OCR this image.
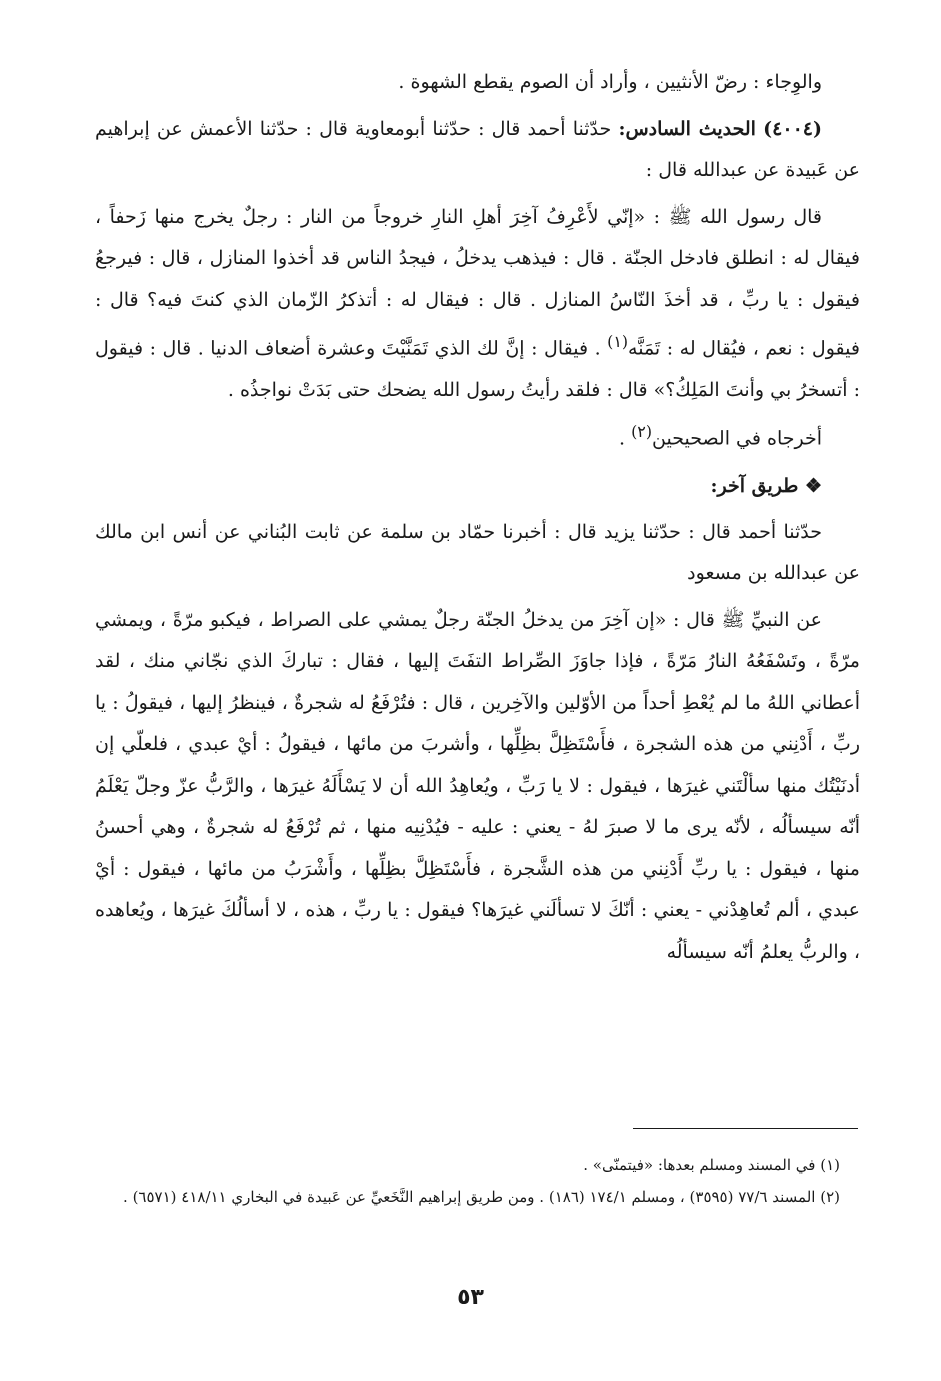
والوِجاء : رضّ الأنثيين ، وأراد أن الصوم يقطع الشهوة .

(٤٠٠٤) الحديث السادس: حدّثنا أحمد قال : حدّثنا أبومعاوية قال : حدّثنا الأعمش عن إبراهيم عن عَبيدة عن عبدالله قال :

قال رسول الله ﷺ : «إنّي لأَعْرِفُ آخِرَ أهلِ النارِ خروجاً من النار : رجلٌ يخرج منها زَحفاً ، فيقال له : انطلق فادخل الجنّة . قال : فيذهب يدخلُ ، فيجدُ الناس قد أخذوا المنازل ، قال : فيرجعُ فيقول : يا ربِّ ، قد أخذَ النّاسُ المنازل . قال : فيقال له : أتذكرُ الزّمان الذي كنتَ فيه؟ قال : فيقول : نعم ، فيُقال له : تَمَنَّه$^{(١)}$ . فيقال : إنَّ لك الذي تَمَنَّيْتَ وعشرة أضعاف الدنيا . قال : فيقول : أتسخرُ بي وأنتَ المَلِكُ؟» قال : فلقد رأيتُ رسول الله يضحك حتى بَدَتْ نواجذُه .

أخرجاه في الصحيحين$^{(٢)}$ .

❖ طريق آخر:

حدّثنا أحمد قال : حدّثنا يزيد قال : أخبرنا حمّاد بن سلمة عن ثابت البُناني عن أنس ابن مالك عن عبدالله بن مسعود

عن النبيِّ ﷺ قال : «إن آخِرَ من يدخلُ الجنّة رجلٌ يمشي على الصراط ، فيكبو مرّةً ، ويمشي مرّةً ، وتَسْفَعُهُ النارُ مَرّةً ، فإذا جاوَزَ الصِّراط التفَتَ إليها ، فقال : تباركَ الذي نجّاني منك ، لقد أعطاني اللهُ ما لم يُعْطِ أحداً من الأوّلين والآخِرين ، قال : فتُرْفَعُ له شجرةٌ ، فينظرُ إليها ، فيقولُ : يا ربِّ ، أَدْنِني من هذه الشجرة ، فأَسْتَظِلَّ بظِلِّها ، وأشربَ من مائها ، فيقولُ : أيْ عبدي ، فلعلّي إن أدنَيْتُك منها سألْتَني غيرَها ، فيقول : لا يا رَبِّ ، ويُعاهِدُ الله أن لا يَسْأَلَهُ غيرَها ، والرَّبُّ عزّ وجلّ يَعْلَمُ أنّه سيسألُه ، لأنّه يرى ما لا صبرَ لهُ - يعني : عليه - فيُدْنِيه منها ، ثم تُرْفَعُ له شجرةٌ ، وهي أحسنُ منها ، فيقول : يا ربِّ أَدْنِني من هذه الشَّجرة ، فأَسْتَظِلَّ بظِلِّها ، وأَشْرَبُ من مائها ، فيقول : أيْ عبدي ، ألم تُعاهِدْني - يعني : أنّكَ لا تسألَني غيرَها؟ فيقول : يا ربِّ ، هذه ، لا أسألُكَ غيرَها ، ويُعاهده ، والربُّ يعلمُ أنّه سيسألُه

(١) في المسند ومسلم بعدها: «فيتمنّى» .

(٢) المسند ٧٧/٦ (٣٥٩٥) ، ومسلم ١٧٤/١ (١٨٦) . ومن طريق إبراهيم النَّخَعيِّ عن عَبيدة في البخاري ٤١٨/١١ (٦٥٧١) .

٥٣
